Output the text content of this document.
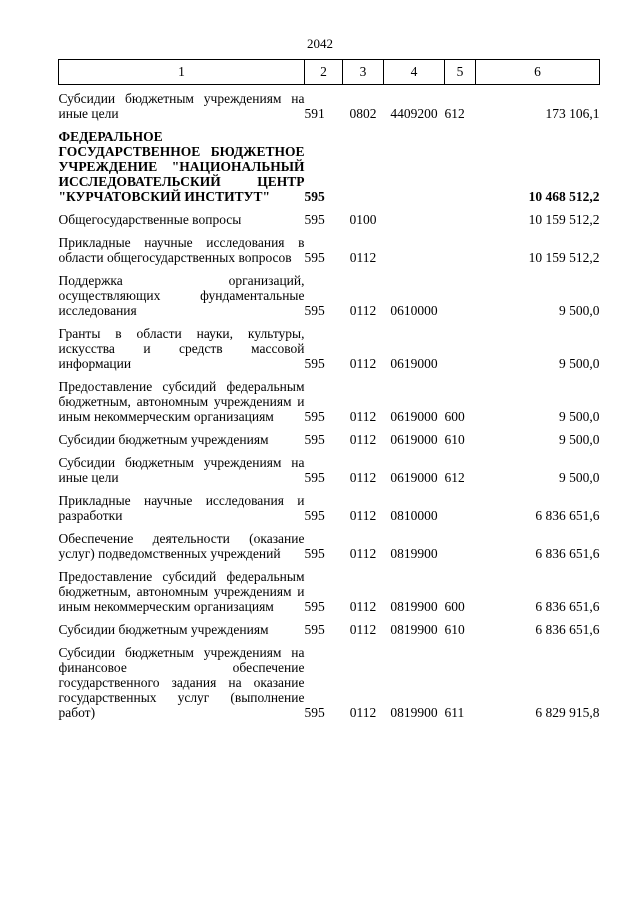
2042
1	2	3	4	5	6
Субсидии бюджетным учреждениям на иные цели	591	0802	4409200	612	173 106,1
ФЕДЕРАЛЬНОЕ ГОСУДАРСТВЕННОЕ БЮДЖЕТНОЕ УЧРЕЖДЕНИЕ "НАЦИОНАЛЬНЫЙ ИССЛЕДОВАТЕЛЬСКИЙ ЦЕНТР "КУРЧАТОВСКИЙ ИНСТИТУТ"	595				10 468 512,2
Общегосударственные вопросы	595	0100			10 159 512,2
Прикладные научные исследования в области общегосударственных вопросов	595	0112			10 159 512,2
Поддержка организаций, осуществляющих фундаментальные исследования	595	0112	0610000		9 500,0
Гранты в области науки, культуры, искусства и средств массовой информации	595	0112	0619000		9 500,0
Предоставление субсидий федеральным бюджетным, автономным учреждениям и иным некоммерческим организациям	595	0112	0619000	600	9 500,0
Субсидии бюджетным учреждениям	595	0112	0619000	610	9 500,0
Субсидии бюджетным учреждениям на иные цели	595	0112	0619000	612	9 500,0
Прикладные научные исследования и разработки	595	0112	0810000		6 836 651,6
Обеспечение деятельности (оказание услуг) подведомственных учреждений	595	0112	0819900		6 836 651,6
Предоставление субсидий федеральным бюджетным, автономным учреждениям и иным некоммерческим организациям	595	0112	0819900	600	6 836 651,6
Субсидии бюджетным учреждениям	595	0112	0819900	610	6 836 651,6
Субсидии бюджетным учреждениям на финансовое обеспечение государственного задания на оказание государственных услуг (выполнение работ)	595	0112	0819900	611	6 829 915,8
